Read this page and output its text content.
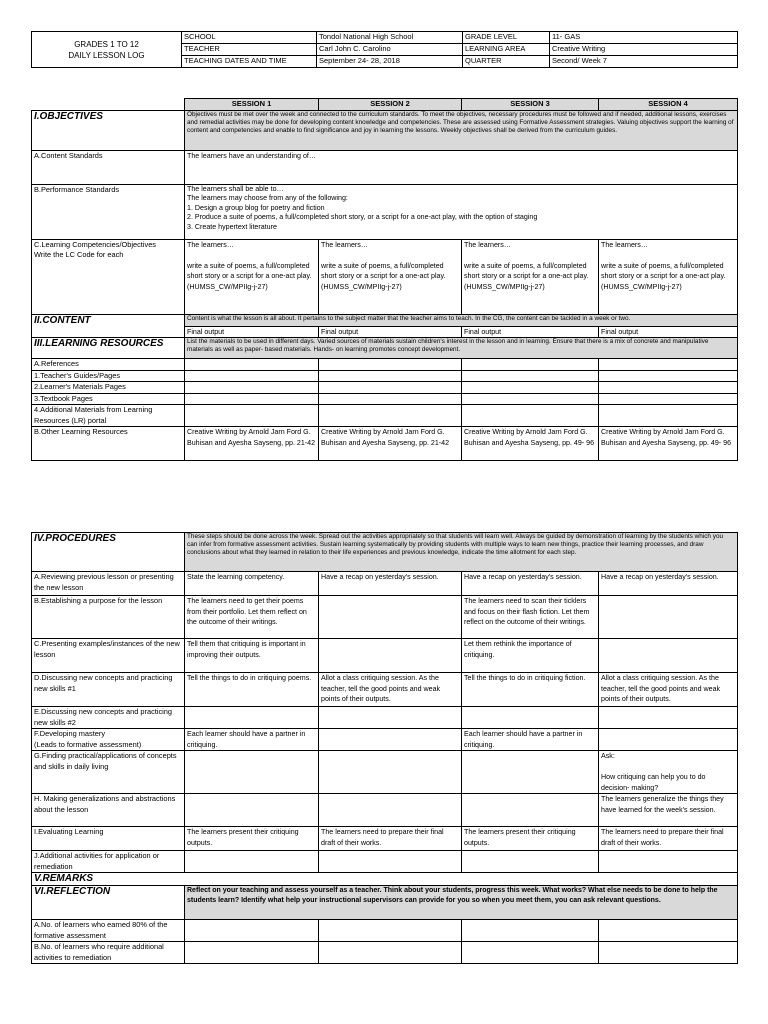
GRADES 1 TO 12
DAILY LESSON LOG	SCHOOL	Tondol National High School	GRADE LEVEL	11- GAS
	TEACHER	Carl John C. Carolino	LEARNING AREA	Creative Writing
	TEACHING DATES AND TIME	September 24- 28, 2018	QUARTER	Second/ Week 7
	SESSION 1	SESSION 2	SESSION 3	SESSION 4
I.OBJECTIVES	Objectives must be met over the week and connected to the curriculum standards. To meet the objectives, necessary procedures must be followed and if needed, additional lessons, exercises and remedial activities may be done for developing content knowledge and competencies. These are assessed using Formative Assessment strategies. Valuing objectives support the learning of content and competencies and enable to find significance and joy in learning the lessons. Weekly objectives shall be derived from the curriculum guides.			
A.Content Standards	The learners have an understanding of…			
B.Performance Standards	The learners shall be able to…
The learners may choose from any of the following:
1. Design a group blog for poetry and fiction
2. Produce a suite of poems, a full/completed short story, or a script for a one-act play, with the option of staging
3. Create hypertext literature			
C.Learning Competencies/Objectives
Write the LC Code for each	The learners…

write a suite of poems, a full/completed short story or a script for a one-act play.
(HUMSS_CW/MPIIg-j-27)	The learners…

write a suite of poems, a full/completed short story or a script for a one-act play.
(HUMSS_CW/MPIIg-j-27)	The learners…

write a suite of poems, a full/completed short story or a script for a one-act play.
(HUMSS_CW/MPIIg-j-27)	The learners…

write a suite of poems, a full/completed short story or a script for a one-act play.
(HUMSS_CW/MPIIg-j-27)
II.CONTENT	Content is what the lesson is all about. It pertains to the subject matter that the teacher aims to teach. In the CG, the content can be tackled in a week or two.			
	Final output	Final output	Final output	Final output
III.LEARNING RESOURCES	List the materials to be used in different days. Varied sources of materials sustain children's interest in the lesson and in learning. Ensure that there is a mix of concrete and manipulative materials as well as paper- based materials. Hands- on learning promotes concept development.			
A.References				
1.Teacher's Guides/Pages				
2.Learner's Materials Pages				
3.Textbook Pages				
4.Additional Materials from Learning Resources (LR) portal				
B.Other Learning Resources	Creative Writing by Arnold Jarn Ford G. Buhisan and Ayesha Sayseng, pp. 21-42	Creative Writing by Arnold Jarn Ford G. Buhisan and Ayesha Sayseng, pp. 21-42	Creative Writing by Arnold Jarn Ford G. Buhisan and Ayesha Sayseng, pp. 49- 96	Creative Writing by Arnold Jarn Ford G. Buhisan and Ayesha Sayseng, pp. 49- 96
IV.PROCEDURES	These steps should be done across the week. Spread out the activities appropriately so that students will learn well. Always be guided by demonstration of learning by the students which you can infer from formative assessment activities. Sustain learning systematically by providing students with multiple ways to learn new things, practice their learning processes, and draw conclusions about what they learned in relation to their life experiences and previous knowledge, indicate the time allotment for each step.			
A.Reviewing previous lesson or presenting the new lesson	State the learning competency.	Have a recap on yesterday's session.	Have a recap on yesterday's session.	Have a recap on yesterday's session.
B.Establishing a purpose for the lesson	The learners need to get their poems from their portfolio. Let them reflect on the outcome of their writings.		The learners need to scan their ticklers and focus on their flash fiction. Let them reflect on the outcome of their writings.	
C.Presenting examples/instances of the new lesson	Tell them that critiquing is important in improving their outputs.		Let them rethink the importance of critiquing.	
D.Discussing new concepts and practicing new skills #1	Tell the things to do in critiquing poems.	Allot a class critiquing session. As the teacher, tell the good points and weak points of their outputs.	Tell the things to do in critiquing fiction.	Allot a class critiquing session. As the teacher, tell the good points and weak points of their outputs.
E.Discussing new concepts and practicing new skills #2				
F.Developing mastery
(Leads to formative assessment)	Each learner should have a partner in critiquing.		Each learner should have a partner in critiquing.	
G.Finding practical/applications of concepts and skills in daily living				Ask:

How critiquing can help you to do decision- making?
H. Making generalizations and abstractions about the lesson				The learners generalize the things they have learned for the week's session.
I.Evaluating Learning	The learners present their critiquing outputs.	The learners need to prepare their final draft of their works.	The learners present their critiquing outputs.	The learners need to prepare their final draft of their works.
J.Additional activities for application or remediation				
V.REMARKS				
VI.REFLECTION	Reflect on your teaching and assess yourself as a teacher. Think about your students, progress this week. What works? What else needs to be done to help the students learn? Identify what help your instructional supervisors can provide for you so when you meet them, you can ask relevant questions.			
A.No. of learners who earned 80% of the formative assessment				
B.No. of learners who require additional activities to remediation				
